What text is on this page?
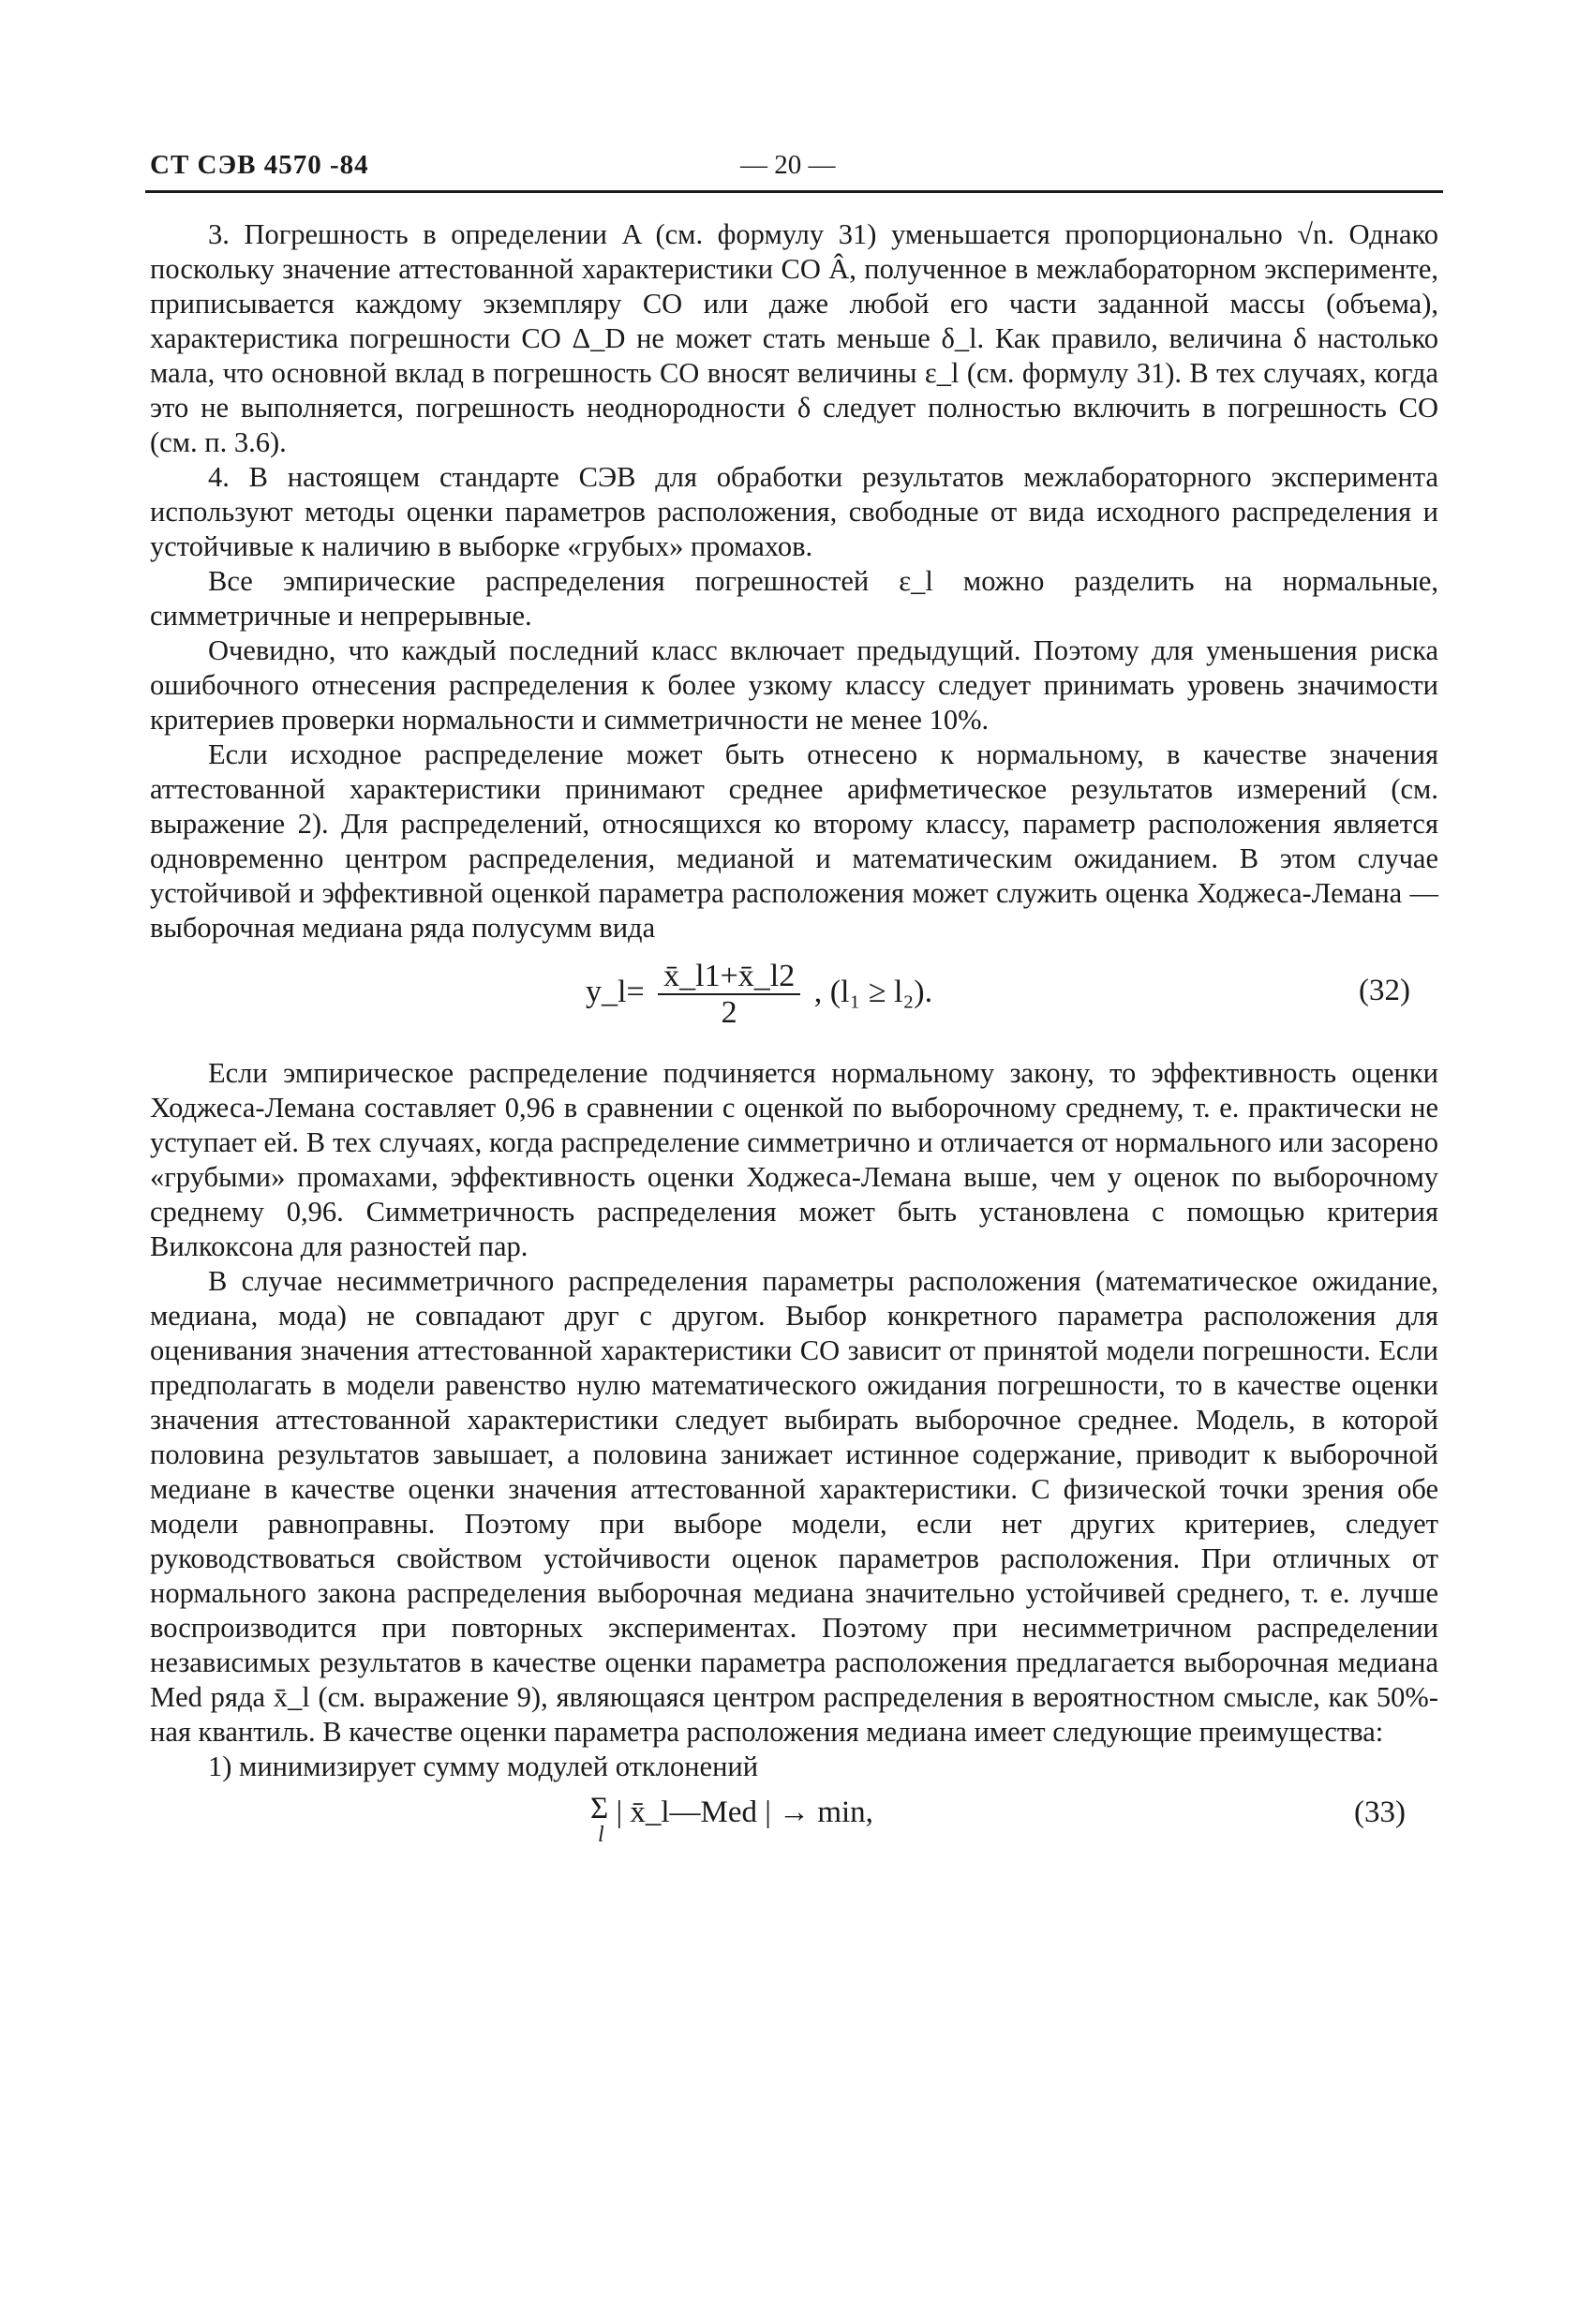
СТ СЭВ 4570 -84	— 20 —

3. Погрешность в определении A (см. формулу 31) уменьшается пропорционально √n. Однако поскольку значение аттестованной характеристики СО Â, полученное в межлабораторном эксперименте, приписывается каждому экземпляру СО или даже любой его части заданной массы (объема), характеристика погрешности СО Δ_D не может стать меньше δ_l. Как правило, величина δ настолько мала, что основной вклад в погрешность СО вносят величины ε_l (см. формулу 31). В тех случаях, когда это не выполняется, погрешность неоднородности δ следует полностью включить в погрешность СО (см. п. 3.6).

4. В настоящем стандарте СЭВ для обработки результатов межлабораторного эксперимента используют методы оценки параметров расположения, свободные от вида исходного распределения и устойчивые к наличию в выборке «грубых» промахов.

Все эмпирические распределения погрешностей ε_l можно разделить на нормальные, симметричные и непрерывные.

Очевидно, что каждый последний класс включает предыдущий. Поэтому для уменьшения риска ошибочного отнесения распределения к более узкому классу следует принимать уровень значимости критериев проверки нормальности и симметричности не менее 10%.

Если исходное распределение может быть отнесено к нормальному, в качестве значения аттестованной характеристики принимают среднее арифметическое результатов измерений (см. выражение 2). Для распределений, относящихся ко второму классу, параметр расположения является одновременно центром распределения, медианой и математическим ожиданием. В этом случае устойчивой и эффективной оценкой параметра расположения может служить оценка Ходжеса-Лемана — выборочная медиана ряда полусумм вида

y_l= $\frac{x̄\_l1+x̄\_l2}{2}$ , (l₁ ≥ l₂).	(32)

Если эмпирическое распределение подчиняется нормальному закону, то эффективность оценки Ходжеса-Лемана составляет 0,96 в сравнении с оценкой по выборочному среднему, т. е. практически не уступает ей. В тех случаях, когда распределение симметрично и отличается от нормального или засорено «грубыми» промахами, эффективность оценки Ходжеса-Лемана выше, чем у оценок по выборочному среднему 0,96. Симметричность распределения может быть установлена с помощью критерия Вилкоксона для разностей пар.

В случае несимметричного распределения параметры расположения (математическое ожидание, медиана, мода) не совпадают друг с другом. Выбор конкретного параметра расположения для оценивания значения аттестованной характеристики СО зависит от принятой модели погрешности. Если предполагать в модели равенство нулю математического ожидания погрешности, то в качестве оценки значения аттестованной характеристики следует выбирать выборочное среднее. Модель, в которой половина результатов завышает, а половина занижает истинное содержание, приводит к выборочной медиане в качестве оценки значения аттестованной характеристики. С физической точки зрения обе модели равноправны. Поэтому при выборе модели, если нет других критериев, следует руководствоваться свойством устойчивости оценок параметров расположения. При отличных от нормального закона распределения выборочная медиана значительно устойчивей среднего, т. е. лучше воспроизводится при повторных экспериментах. Поэтому при несимметричном распределении независимых результатов в качестве оценки параметра расположения предлагается выборочная медиана Med ряда x̄_l (см. выражение 9), являющаяся центром распределения в вероятностном смысле, как 50%-ная квантиль. В качестве оценки параметра расположения медиана имеет следующие преимущества:

1) минимизирует сумму модулей отклонений

Σ
l
| x̄_l—Med | → min,	(33)
